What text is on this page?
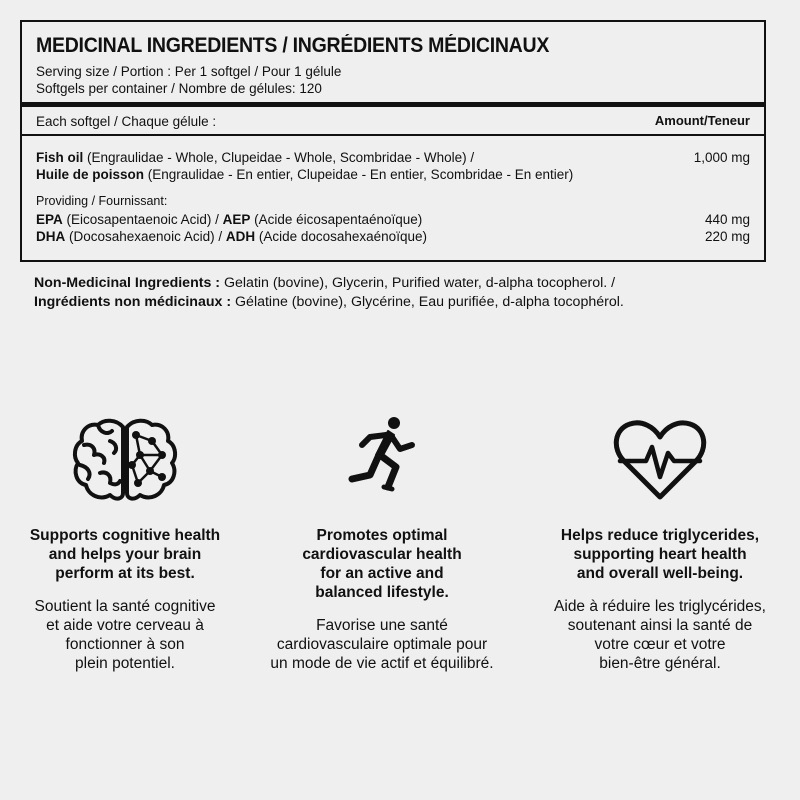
MEDICINAL INGREDIENTS / INGRÉDIENTS MÉDICINAUX
Serving size / Portion : Per 1 softgel / Pour 1 gélule
Softgels per container / Nombre de gélules: 120
Each softgel / Chaque gélule :	Amount/Teneur
Fish oil (Engraulidae - Whole, Clupeidae - Whole, Scombridae - Whole) /	1,000 mg
Huile de poisson (Engraulidae - En entier, Clupeidae - En entier, Scombridae - En entier)
Providing / Fournissant:
EPA (Eicosapentaenoic Acid) / AEP (Acide éicosapentaénoïque)	440 mg
DHA (Docosahexaenoic Acid) / ADH (Acide docosahexaénoïque)	220 mg
Non-Medicinal Ingredients : Gelatin (bovine), Glycerin, Purified water, d-alpha tocopherol. /
Ingrédients non médicinaux : Gélatine (bovine), Glycérine, Eau purifiée, d-alpha tocophérol.
Supports cognitive health
and helps your brain
perform at its best.
Soutient la santé cognitive
et aide votre cerveau à
fonctionner à son
plein potentiel.
Promotes optimal
cardiovascular health
for an active and
balanced lifestyle.
Favorise une santé
cardiovasculaire optimale pour
un mode de vie actif et équilibré.
Helps reduce triglycerides,
supporting heart health
and overall well-being.
Aide à réduire les triglycérides,
soutenant ainsi la santé de
votre cœur et votre
bien-être général.
